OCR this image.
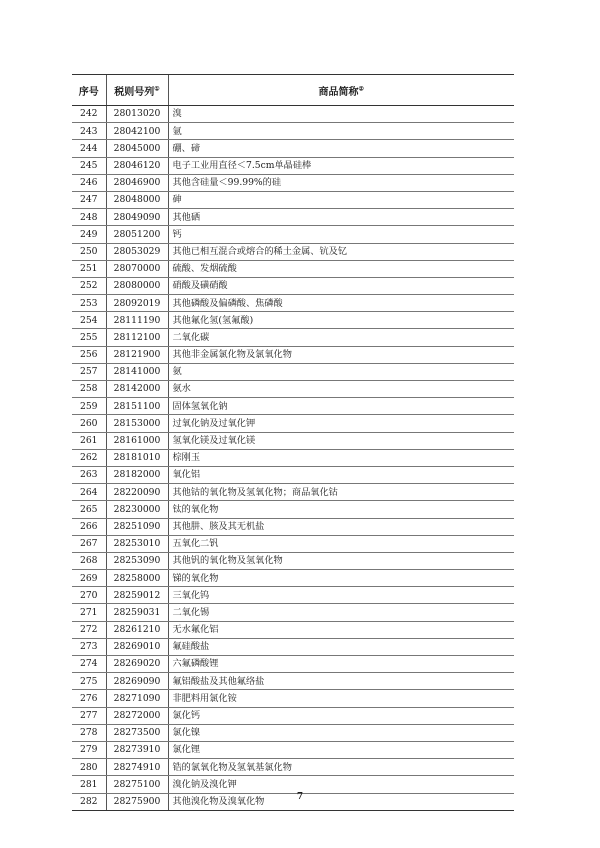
序号	税则号列①	商品简称②
242	28013020	溴
243	28042100	氩
244	28045000	硼、碲
245	28046120	电子工业用直径＜7.5cm单晶硅棒
246	28046900	其他含硅量＜99.99%的硅
247	28048000	砷
248	28049090	其他硒
249	28051200	钙
250	28053029	其他已相互混合或熔合的稀土金属、钪及钇
251	28070000	硫酸、发烟硫酸
252	28080000	硝酸及磺硝酸
253	28092019	其他磷酸及偏磷酸、焦磷酸
254	28111190	其他氟化氢(氢氟酸)
255	28112100	二氧化碳
256	28121900	其他非金属氯化物及氯氧化物
257	28141000	氨
258	28142000	氨水
259	28151100	固体氢氧化钠
260	28153000	过氧化钠及过氧化钾
261	28161000	氢氧化镁及过氧化镁
262	28181010	棕刚玉
263	28182000	氧化铝
264	28220090	其他钴的氧化物及氢氧化物；商品氧化钴
265	28230000	钛的氧化物
266	28251090	其他肼、胲及其无机盐
267	28253010	五氧化二钒
268	28253090	其他钒的氧化物及氢氧化物
269	28258000	锑的氧化物
270	28259012	三氧化钨
271	28259031	二氧化锡
272	28261210	无水氟化铝
273	28269010	氟硅酸盐
274	28269020	六氟磷酸锂
275	28269090	氟铝酸盐及其他氟络盐
276	28271090	非肥料用氯化铵
277	28272000	氯化钙
278	28273500	氯化镍
279	28273910	氯化锂
280	28274910	锆的氯氧化物及氢氧基氯化物
281	28275100	溴化钠及溴化钾
282	28275900	其他溴化物及溴氧化物	7
